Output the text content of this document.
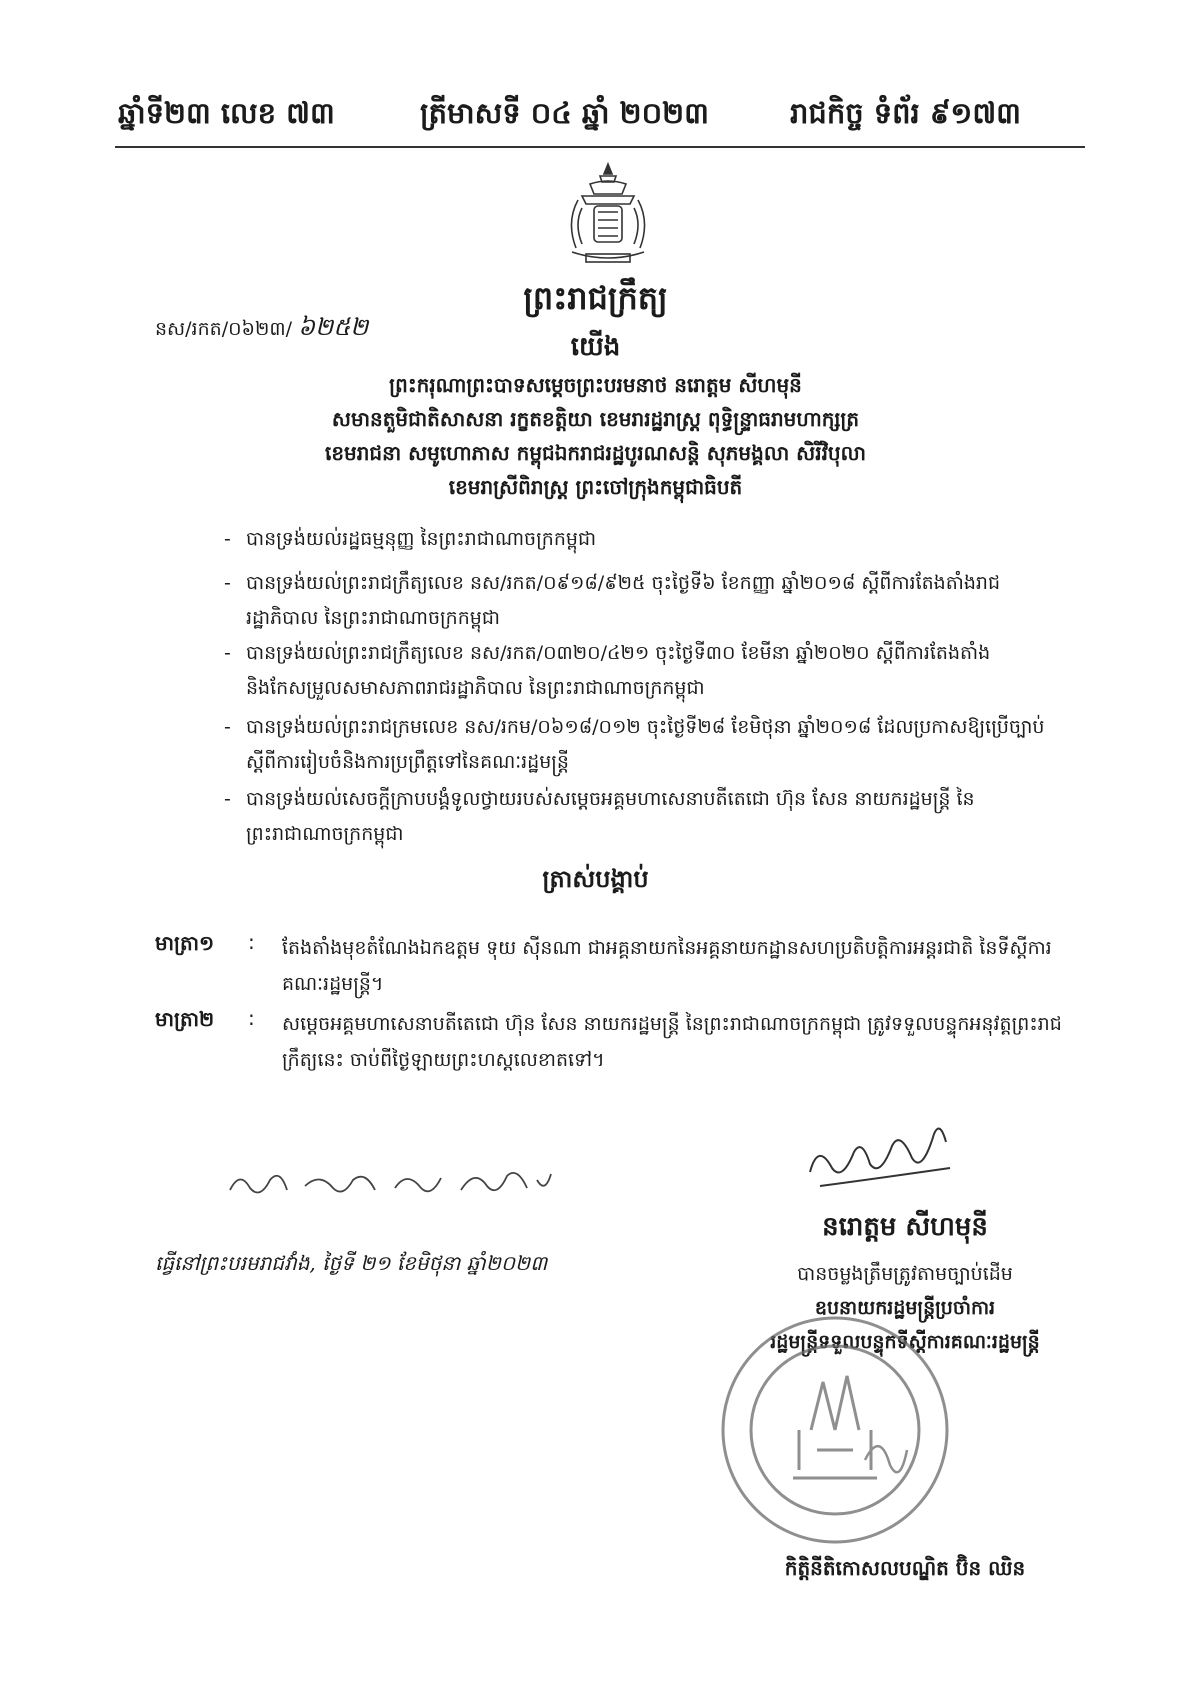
ឆ្នាំទី២៣ លេខ ៧៣	ត្រីមាសទី ០៤ ឆ្នាំ ២០២៣	រាជកិច្ច ទំព័រ ៩១៧៣
ព្រះរាជក្រឹត្យ
នស/រកត/០៦២៣/ ៦២៥២
យើង
ព្រះករុណាព្រះបាទសម្តេចព្រះបរមនាថ នរោត្តម សីហមុនី
សមានតួមិជាតិសាសនា រក្ខតខត្តិយា ខេមរារដ្ឋរាស្ត្រ ពុទ្ធិន្រ្ទាធរាមហាក្សត្រ
ខេមរាជនា សមូហោភាស កម្ពុជឯករាជរដ្ឋបូរណសន្តិ សុភមង្គលា សិរីវិបុលា
ខេមរាស្រីពិរាស្ត្រ ព្រះចៅក្រុងកម្ពុជាធិបតី
- បានទ្រង់យល់រដ្ឋធម្មនុញ្ញ នៃព្រះរាជាណាចក្រកម្ពុជា
- បានទ្រង់យល់ព្រះរាជក្រឹត្យលេខ នស/រកត/០៩១៨/៩២៥ ចុះថ្ងៃទី៦ ខែកញ្ញា ឆ្នាំ២០១៨ ស្តីពីការតែងតាំងរាជរដ្ឋាភិបាល នៃព្រះរាជាណាចក្រកម្ពុជា
- បានទ្រង់យល់ព្រះរាជក្រឹត្យលេខ នស/រកត/០៣២០/៤២១ ចុះថ្ងៃទី៣០ ខែមីនា ឆ្នាំ២០២០ ស្តីពីការតែងតាំង និងកែសម្រួលសមាសភាពរាជរដ្ឋាភិបាល នៃព្រះរាជាណាចក្រកម្ពុជា
- បានទ្រង់យល់ព្រះរាជក្រមលេខ នស/រកម/០៦១៨/០១២ ចុះថ្ងៃទី២៨ ខែមិថុនា ឆ្នាំ២០១៨ ដែលប្រកាសឱ្យប្រើច្បាប់ស្តីពីការរៀបចំនិងការប្រព្រឹត្តទៅនៃគណៈរដ្ឋមន្ត្រី
- បានទ្រង់យល់សេចក្តីក្រាបបង្គំទូលថ្វាយរបស់សម្តេចអគ្គមហាសេនាបតីតេជោ ហ៊ុន សែន នាយករដ្ឋមន្ត្រី នៃព្រះរាជាណាចក្រកម្ពុជា
ត្រាស់បង្គាប់
មាត្រា១ : តែងតាំងមុខតំណែងឯកឧត្តម ទុយ ស៊ីនណា ជាអគ្គនាយកនៃអគ្គនាយកដ្ឋានសហប្រតិបត្តិការអន្តរជាតិ នៃទីស្តីការគណៈរដ្ឋមន្ត្រី។
មាត្រា២ : សម្តេចអគ្គមហាសេនាបតីតេជោ ហ៊ុន សែន នាយករដ្ឋមន្ត្រី នៃព្រះរាជាណាចក្រកម្ពុជា ត្រូវទទួលបន្ទុកអនុវត្តព្រះរាជក្រឹត្យនេះ ចាប់ពីថ្ងៃឡាយព្រះហស្តលេខាតទៅ។
ធ្វើនៅព្រះបរមរាជវាំង, ថ្ងៃទី ២១ ខែមិថុនា ឆ្នាំ២០២៣
នរោត្តម សីហមុនី
បានចម្លងត្រឹមត្រូវតាមច្បាប់ដើម
ឧបនាយករដ្ឋមន្ត្រីប្រចាំការ
រដ្ឋមន្ត្រីទទួលបន្ទុកទីស្តីការគណៈរដ្ឋមន្ត្រី
កិត្តិនីតិកោសលបណ្ឌិត ប៊ិន ឈិន
